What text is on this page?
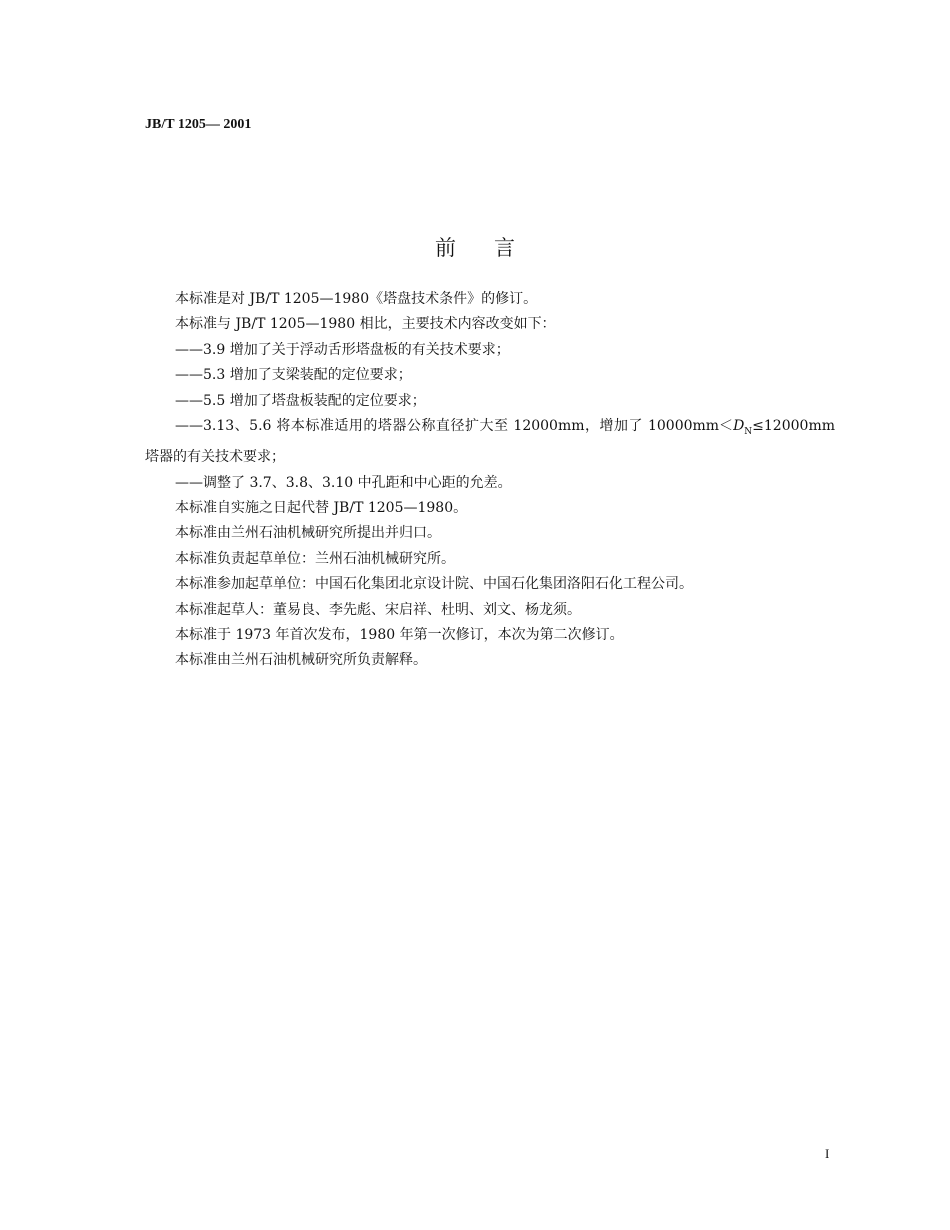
JB/T 1205— 2001
前 言

本标准是对 JB/T 1205—1980《塔盘技术条件》的修订。

本标准与 JB/T 1205—1980 相比，主要技术内容改变如下：

——3.9 增加了关于浮动舌形塔盘板的有关技术要求；

——5.3 增加了支梁装配的定位要求；

——5.5 增加了塔盘板装配的定位要求；

——3.13、5.6 将本标准适用的塔器公称直径扩大至 12000mm，增加了 $10000mm<D_N\le 12000mm$ 塔器的有关技术要求；

——调整了 3.7、3.8、3.10 中孔距和中心距的允差。

本标准自实施之日起代替 JB/T 1205—1980。

本标准由兰州石油机械研究所提出并归口。

本标准负责起草单位：兰州石油机械研究所。

本标准参加起草单位：中国石化集团北京设计院、中国石化集团洛阳石化工程公司。

本标准起草人：董易良、李先彪、宋启祥、杜明、刘文、杨龙须。

本标准于 1973 年首次发布，1980 年第一次修订，本次为第二次修订。

本标准由兰州石油机械研究所负责解释。

I
